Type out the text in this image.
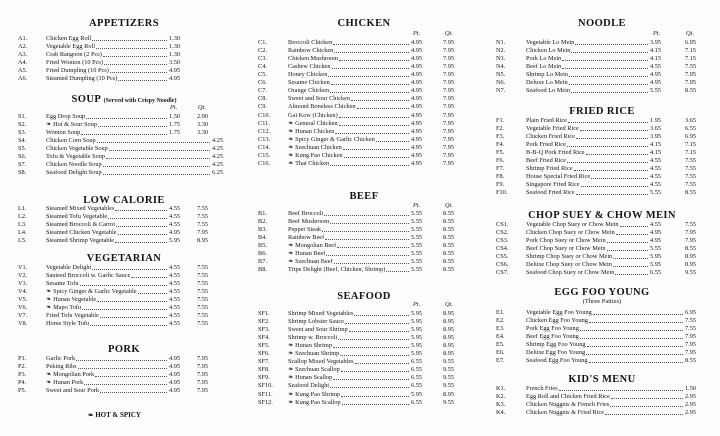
APPETIZERS
A1.	Chicken Egg Roll	1.30
A2.	Vegetable Egg Roll	1.30
A3.	Crab Rangoon (2 Pcs)	1.30
A4.	Fried Wonton (10 Pcs)	3.50
A5.	Fried Dumpling (10 Pcs)	4.95
A6.	Steamed Dumpling (10 Pcs)	4.95
SOUP (Served with Crispy Noodle)
Pt.	Qt.
S1.	Egg Drop Soup	1.50	2.90
S2.	❧ Hot & Sour Soup	1.75	3.30
S3.	Wonton Soup	1.75	3.30
S4.	Chicken Corn Soup	4.25
S5.	Chicken Vegetable Soup	4.25
S6.	Tofu & Vegetable Soup	4.25
S7.	Chicken Noodle Soup	4.25
S8.	Seafood Delight Soup	6.25
LOW CALORIE
L1.	Steamed Mixed Vegetables	4.55	7.55
L2.	Steamed Tofu Vegetable	4.55	7.55
L3.	Steamed Broccoli & Carrot	4.55	7.55
L4.	Steamed Chicken Vegetable	4.95	7.95
L5.	Steamed Shrimp Vegetable	5.95	8.95
VEGETARIAN
V1.	Vegetable Delight	4.55	7.55
V2.	Sauteed Broccoli w. Garlic Sauce	4.55	7.55
V3.	Sesame Tofu	4.55	7.55
V4.	❧ Spicy Ginger & Garlic Vegetable	4.55	7.55
V5.	❧ Hunan Vegetable	4.55	7.55
V6.	❧ Mapo Tofu	4.55	7.55
V7.	Fried Tofu Vegetable	4.55	7.55
V8.	Home Style Tofu	4.55	7.55
PORK
P1.	Garlic Pork	4.95	7.95
P2.	Peking Ribs	4.95	7.95
P3.	❧ Mongolian Pork	4.95	7.95
P4.	❧ Hunan Pork	4.95	7.95
P5.	Sweet and Sour Pork	4.95	7.95
CHICKEN
Pt.	Qt.
C1.	Broccoli Chicken	4.95	7.95
C2.	Rainbow Chicken	4.95	7.95
C3.	Chicken Mushroom	4.95	7.95
C4.	Cashew Chicken	4.95	7.95
C5.	Honey Chicken	4.95	7.95
C6.	Sesame Chicken	4.95	7.95
C7.	Orange Chicken	4.95	7.95
C8.	Sweet and Sour Chicken	4.95	7.95
C9.	Almond Boneless Chicken	4.95	7.95
C10.	Gai Kow (Chicken)	4.95	7.95
C11.	❧ General Chicken	4.95	7.95
C12.	❧ Hunan Chicken	4.95	7.95
C13.	❧ Spicy Ginger & Garlic Chicken	4.95	7.95
C14.	❧ Szechuan Chicken	4.95	7.95
C15.	❧ Kung Pao Chicken	4.95	7.95
C16.	❧ Thai Chicken	4.95	7.95
BEEF
Pt.	Qt.
B1.	Beef Broccoli	5.55	8.55
B2.	Beef Mushroom	5.55	8.55
B3.	Pepper Steak	5.55	8.55
B4.	Rainbow Beef	5.55	8.55
B5.	❧ Mongolian Beef	5.55	8.55
B6.	❧ Hunan Beef	5.55	8.55
B7.	❧ Szechuan Beef	5.55	8.55
B8.	Tripe Delight (Beef, Chicken, Shrimp)	5.55	8.55
SEAFOOD
Pt.	Qt.
SF1.	Shrimp Mixed Vegetables	5.95	8.95
SF2.	Shrimp Lobster Sauce	5.95	8.95
SF3.	Sweet and Sour Shrimp	5.95	8.95
SF4.	Shrimp w. Broccoli	5.95	8.95
SF5.	❧ Hunan Shrimp	5.95	8.95
SF6.	❧ Szechuan Shrimp	5.95	8.95
SF7.	Scallop Mixed Vegetables	6.55	9.55
SF8.	❧ Szechuan Scallop	6.55	9.55
SF9.	❧ Hunan Scallop	6.55	9.55
SF10. Seafood Delight	6.55	9.55
SF11. ❧ Kung Pao Shrimp	5.95	8.95
SF12. ❧ Kung Pao Scallop	6.55	9.55
NOODLE
Pt.	Qt.
N1.	Vegetable Lo Mein	3.95	6.95
N2.	Chicken Lo Mein	4.15	7.15
N3.	Pork Lo Mein	4.15	7.15
N4.	Beef Lo Mein	4.55	7.55
N5.	Shrimp Lo Mein	4.95	7.95
N6.	Deluxe Lo Mein	4.95	7.95
N7.	Seafood Lo Mein	5.55	8.55
FRIED RICE
F1.	Plain Fried Rice	1.95	3.65
F2.	Vegetable Fried Rice	3.65	6.55
F3.	Chicken Fried Rice	3.95	6.95
F4.	Pork Fried Rice	4.15	7.15
F5.	B-B-Q Pork Fried Rice	4.15	7.15
F6.	Beef Fried Rice	4.55	7.55
F7.	Shrimp Fried Rice	4.55	7.55
F8.	House Special Fried Rice	4.55	7.55
F9.	Singapore Fried Rice	4.55	7.55
F10.	Seafood Fried Rice	5.55	8.55
CHOP SUEY & CHOW MEIN
CS1.	Vegetable Chop Suey or Chow Mein	4.55	7.55
CS2.	Chicken Chop Suey or Chow Mein	4.95	7.95
CS3.	Pork Chop Suey or Chow Mein	4.95	7.95
CS4.	Beef Chop Suey or Chow Mein	5.55	8.55
CS5.	Shrimp Chop Suey or Chow Mein	5.95	8.95
CS6.	Deluxe Chop Suey or Chow Mein	5.95	8.95
CS7.	Seafood Chop Suey or Chow Mein	6.55	9.55
EGG FOO YOUNG
(Three Patties)
E1.	Vegetable Egg Foo Young	6.95
E2.	Chicken Egg Foo Young	7.55
E3.	Pork Egg Foo Young	7.55
E4.	Beef Egg Foo Young	7.95
E5.	Shrimp Egg Foo Young	7.95
E6.	Deluxe Egg Foo Young	7.95
E7.	Seafood Egg Foo Young	8.55
KID'S MENU
K1.	French Fries	1.50
K2.	Egg Roll and Chicken Fried Rice	2.95
K3.	Chicken Nuggets & French Fries	2.95
K4.	Chicken Nuggets & Fried Rice	2.95
❧ HOT & SPICY
